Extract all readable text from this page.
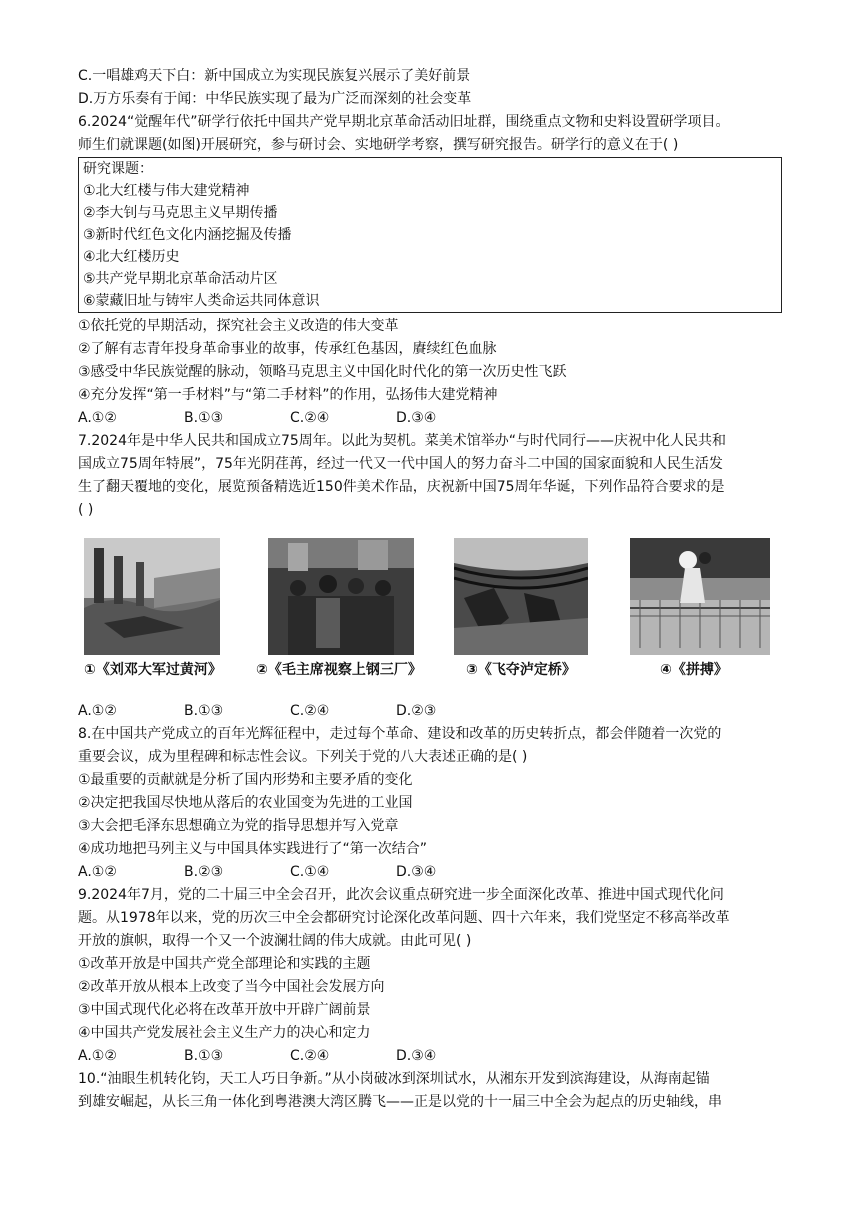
C.一唱雄鸡天下白：新中国成立为实现民族复兴展示了美好前景
D.万方乐奏有于闻：中华民族实现了最为广泛而深刻的社会变革
6.2024“觉醒年代”研学行依托中国共产党早期北京革命活动旧址群，围绕重点文物和史料设置研学项目。
师生们就课题(如图)开展研究，参与研讨会、实地研学考察，撰写研究报告。研学行的意义在于( )
研究课题：
①北大红楼与伟大建党精神
②李大钊与马克思主义早期传播
③新时代红色文化内涵挖掘及传播
④北大红楼历史
⑤共产党早期北京革命活动片区
⑥蒙藏旧址与铸牢人类命运共同体意识
①依托党的早期活动，探究社会主义改造的伟大变革
②了解有志青年投身革命事业的故事，传承红色基因，賡续红色血脉
③感受中华民族觉醒的脉动，领略马克思主义中国化时代化的第一次历史性飞跃
④充分发挥“第一手材料”与“第二手材料”的作用，弘扬伟大建党精神
A.①②	B.①③	C.②④	D.③④
7.2024年是中华人民共和国成立75周年。以此为契机。菜美术馆举办“与时代同行——庆祝中化人民共和
国成立75周年特展”，75年光阴荏苒，经过一代又一代中国人的努力奋斗二中国的国家面貌和人民生活发
生了翻天覆地的变化，展览预备精选近150件美术作品，庆祝新中国75周年华诞，下列作品符合要求的是
( )
①《刘邓大军过黄河》 ②《毛主席视察上钢三厂》	③《飞夺泸定桥》	④《拼搏》
A.①②	B.①③	C.②④	D.②③
8.在中国共产党成立的百年光辉征程中，走过每个革命、建设和改革的历史转折点，都会伴随着一次党的
重要会议，成为里程碑和标志性会议。下列关于党的八大表述正确的是( )
①最重要的贡献就是分析了国内形势和主要矛盾的变化
②决定把我国尽快地从落后的农业国变为先进的工业国
③大会把毛泽东思想确立为党的指导思想并写入党章
④成功地把马列主义与中国具体实践进行了“第一次结合”
A.①②	B.②③	C.①④	D.③④
9.2024年7月，党的二十届三中全会召开，此次会议重点研究进一步全面深化改革、推进中国式现代化问
题。从1978年以来，党的历次三中全会都研究讨论深化改革问题、四十六年来，我们党坚定不移高举改革
开放的旗帜，取得一个又一个波澜壮阔的伟大成就。由此可见( )
①改革开放是中国共产党全部理论和实践的主题
②改革开放从根本上改变了当今中国社会发展方向
③中国式现代化必将在改革开放中开辟广阔前景
④中国共产党发展社会主义生产力的决心和定力
A.①②	B.①③	C.②④	D.③④
10.“油眼生机转化钧，天工人巧日争新。”从小岗破冰到深圳试水，从湘东开发到滨海建设，从海南起锚
到雄安崛起，从长三角一体化到粤港澳大湾区腾飞——正是以党的十一届三中全会为起点的历史轴线，串
